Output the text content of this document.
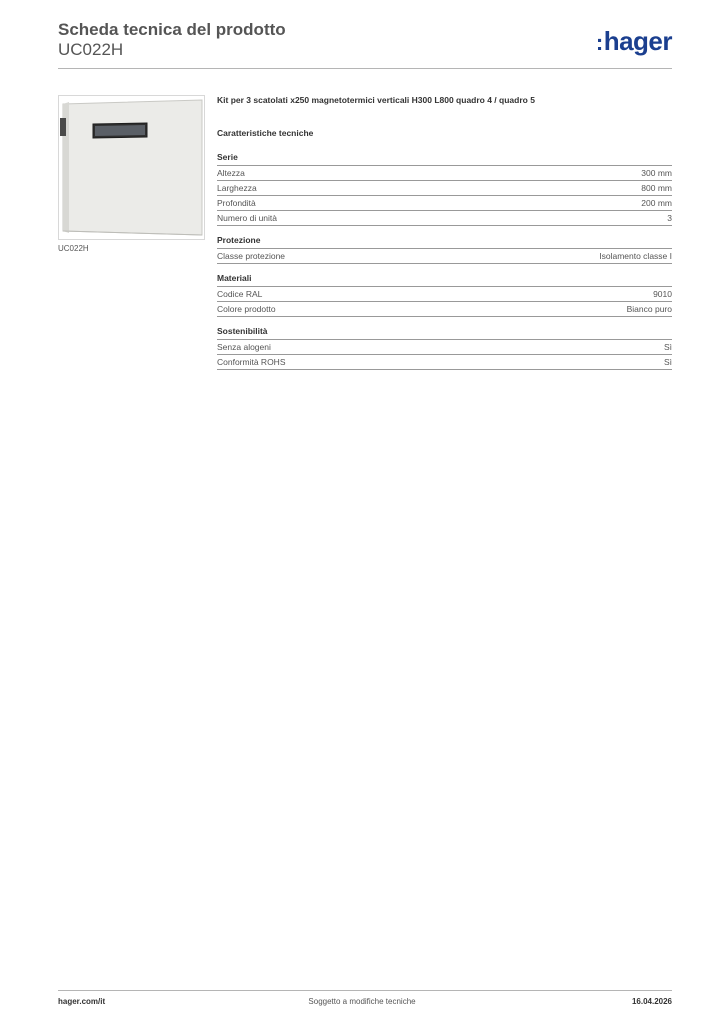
Scheda tecnica del prodotto
UC022H	:hager
UC022H
Kit per 3 scatolati x250 magnetotermici verticali H300 L800 quadro 4 / quadro 5
Caratteristiche tecniche
Serie
Altezza	300 mm
Larghezza	800 mm
Profondità	200 mm
Numero di unità	3
Protezione
Classe protezione	Isolamento classe I
Materiali
Codice RAL	9010
Colore prodotto	Bianco puro
Sostenibilità
Senza alogeni	Sì
Conformità ROHS	Sì
hager.com/it	Soggetto a modifiche tecniche	16.04.2026
